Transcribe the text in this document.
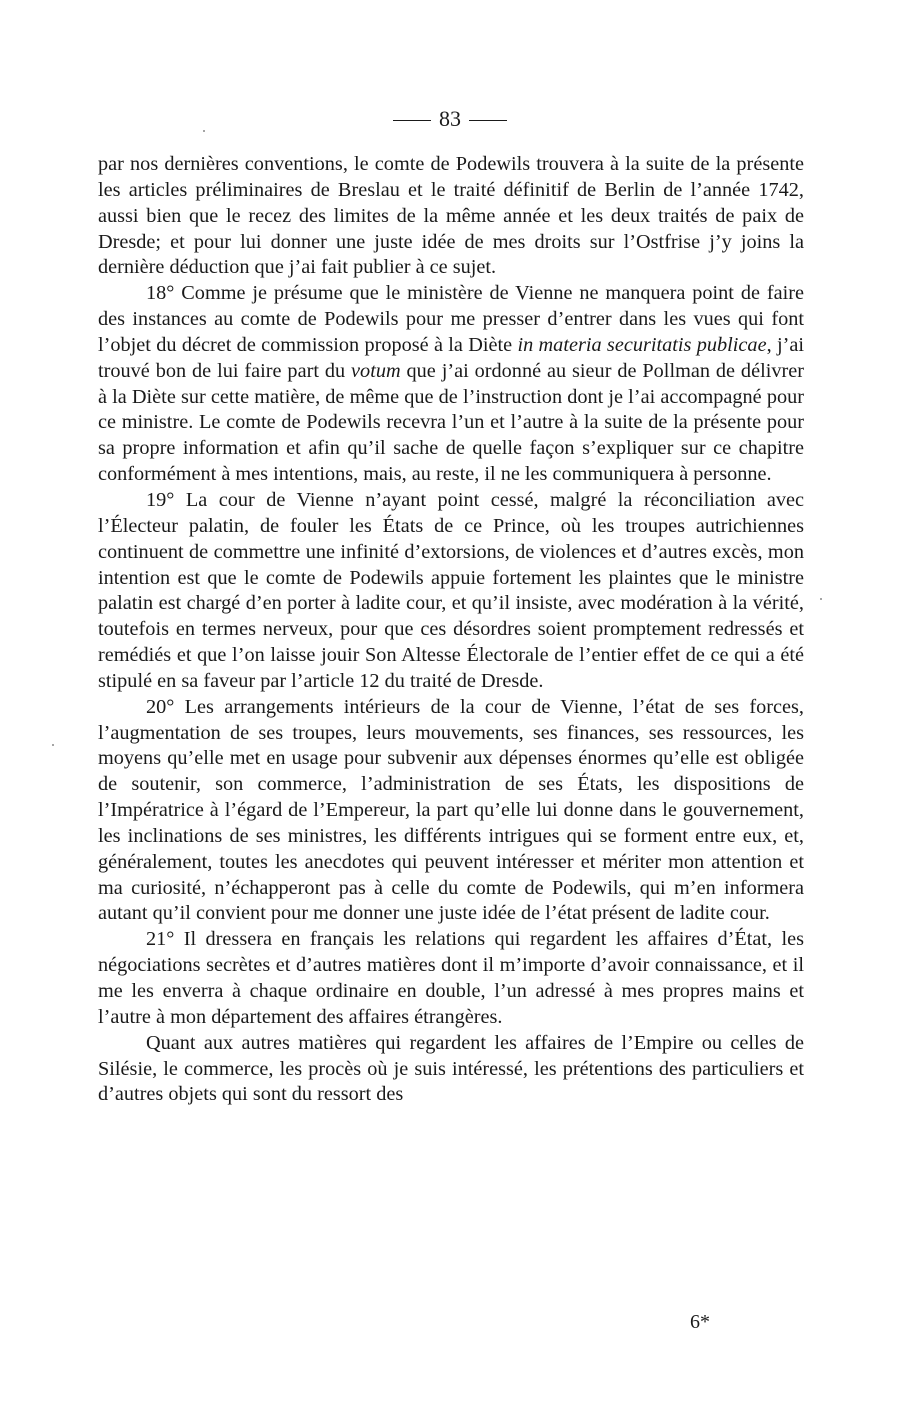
83

par nos dernières conventions, le comte de Podewils trouvera à la suite de la présente les articles préliminaires de Breslau et le traité définitif de Berlin de l’année 1742, aussi bien que le recez des limites de la même année et les deux traités de paix de Dresde; et pour lui donner une juste idée de mes droits sur l’Ostfrise j’y joins la dernière déduction que j’ai fait publier à ce sujet.

18° Comme je présume que le ministère de Vienne ne manquera point de faire des instances au comte de Podewils pour me presser d’entrer dans les vues qui font l’objet du décret de commission proposé à la Diète in materia securitatis publicae, j’ai trouvé bon de lui faire part du votum que j’ai ordonné au sieur de Pollman de délivrer à la Diète sur cette matière, de même que de l’instruction dont je l’ai accompagné pour ce ministre. Le comte de Podewils recevra l’un et l’autre à la suite de la présente pour sa propre information et afin qu’il sache de quelle façon s’expliquer sur ce chapitre conformément à mes intentions, mais, au reste, il ne les communiquera à personne.

19° La cour de Vienne n’ayant point cessé, malgré la réconciliation avec l’Électeur palatin, de fouler les États de ce Prince, où les troupes autrichiennes continuent de commettre une infinité d’extorsions, de violences et d’autres excès, mon intention est que le comte de Podewils appuie fortement les plaintes que le ministre palatin est chargé d’en porter à ladite cour, et qu’il insiste, avec modération à la vérité, toutefois en termes nerveux, pour que ces désordres soient promptement redressés et remédiés et que l’on laisse jouir Son Altesse Électorale de l’entier effet de ce qui a été stipulé en sa faveur par l’article 12 du traité de Dresde.

20° Les arrangements intérieurs de la cour de Vienne, l’état de ses forces, l’augmentation de ses troupes, leurs mouvements, ses finances, ses ressources, les moyens qu’elle met en usage pour subvenir aux dépenses énormes qu’elle est obligée de soutenir, son commerce, l’administration de ses États, les dispositions de l’Impératrice à l’égard de l’Empereur, la part qu’elle lui donne dans le gouvernement, les inclinations de ses ministres, les différents intrigues qui se forment entre eux, et, généralement, toutes les anecdotes qui peuvent intéresser et mériter mon attention et ma curiosité, n’échapperont pas à celle du comte de Podewils, qui m’en informera autant qu’il convient pour me donner une juste idée de l’état présent de ladite cour.

21° Il dressera en français les relations qui regardent les affaires d’État, les négociations secrètes et d’autres matières dont il m’importe d’avoir connaissance, et il me les enverra à chaque ordinaire en double, l’un adressé à mes propres mains et l’autre à mon département des affaires étrangères.

Quant aux autres matières qui regardent les affaires de l’Empire ou celles de Silésie, le commerce, les procès où je suis intéressé, les prétentions des particuliers et d’autres objets qui sont du ressort des

6*
